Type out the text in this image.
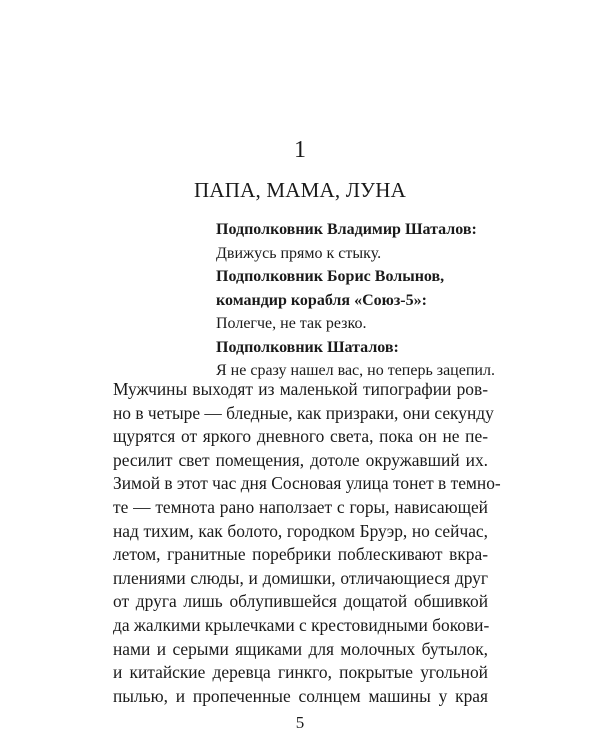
1
ПАПА, МАМА, ЛУНА
Подполковник Владимир Шаталов:
Движусь прямо к стыку.
Подполковник Борис Волынов,
командир корабля «Союз-5»:
Полегче, не так резко.
Подполковник Шаталов:
Я не сразу нашел вас, но теперь зацепил.
Мужчины выходят из маленькой типографии ров-
но в четыре — бледные, как призраки, они секунду
щурятся от яркого дневного света, пока он не пе-
ресилит свет помещения, дотоле окружавший их.
Зимой в этот час дня Сосновая улица тонет в темно-
те — темнота рано наползает с горы, нависающей
над тихим, как болото, городком Бруэр, но сейчас,
летом, гранитные поребрики поблескивают вкра-
плениями слюды, и домишки, отличающиеся друг
от друга лишь облупившейся дощатой обшивкой
да жалкими крылечками с крестовидными бокови-
нами и серыми ящиками для молочных бутылок,
и китайские деревца гинкго, покрытые угольной
пылью, и пропеченные солнцем машины у края
5
